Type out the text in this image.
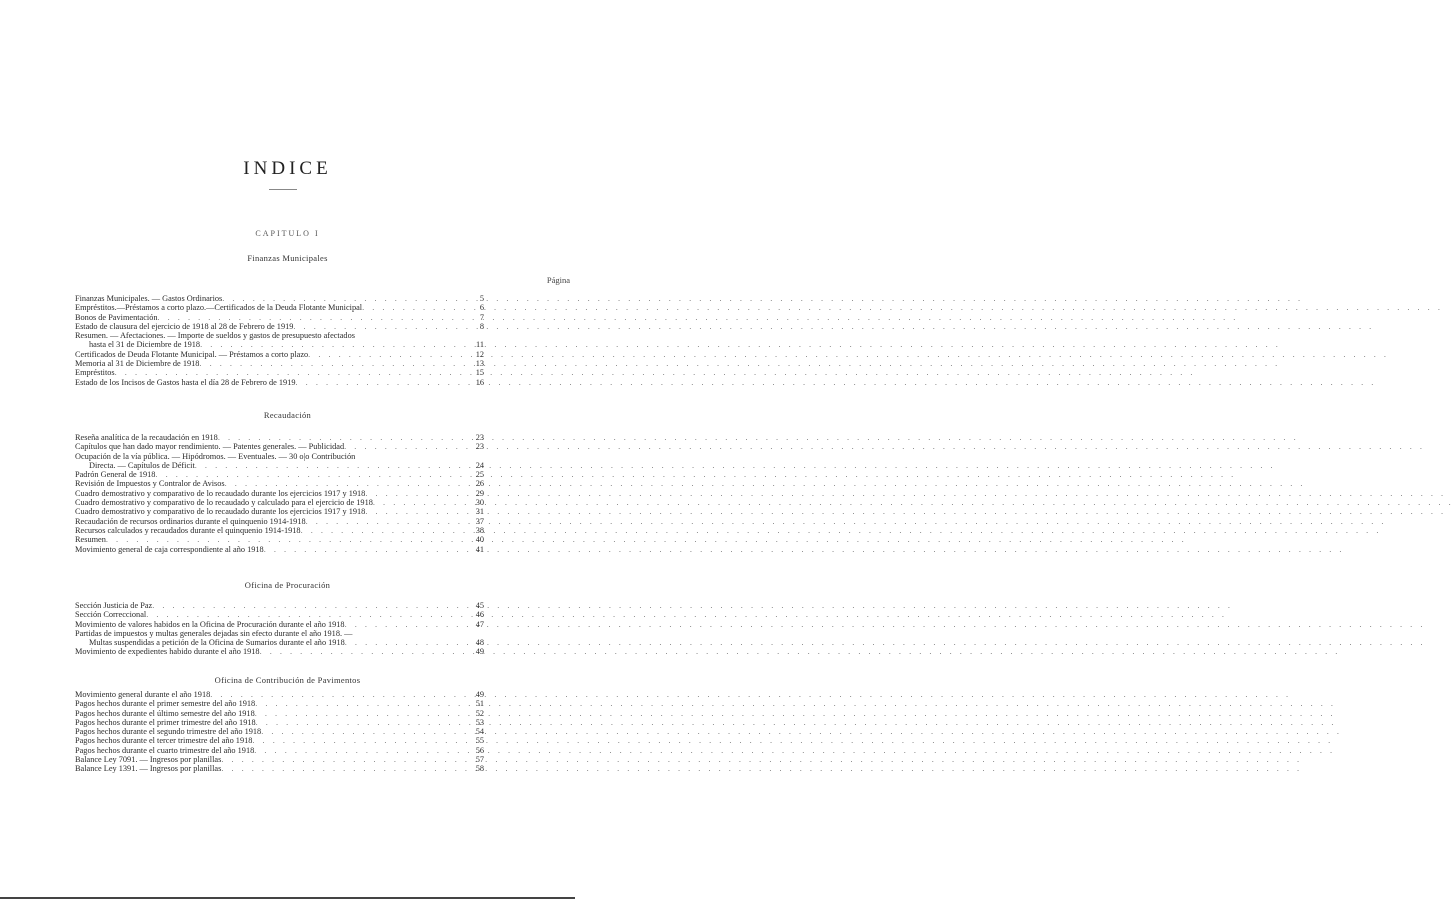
INDICE
CAPITULO I
Página
Finanzas Municipales
Finanzas Municipales. — Gastos Ordinarios . . .	5
Empréstitos.—Préstamos a corto plazo.—Certificados de la Deuda Flotante Municipal . . .	6
Bonos de Pavimentación . . .	7
Estado de clausura del ejercicio de 1918 al 28 de Febrero de 1919 . . .	8
Resumen. — Afectaciones. — Importe de sueldos y gastos de presupuesto afectados
hasta el 31 de Diciembre de 1918 . . .	11
Certificados de Deuda Flotante Municipal. — Préstamos a corto plazo . . .	12
Memoria al 31 de Diciembre de 1918 . . .	13
Empréstitos . . .	15
Estado de los Incisos de Gastos hasta el día 28 de Febrero de 1919 . . .	16
Recaudación
Reseña analítica de la recaudación en 1918 . . .	23
Capítulos que han dado mayor rendimiento. — Patentes generales. — Publicidad . . .	23
Ocupación de la vía pública. — Hipódromos. — Eventuales. — 30 o|o Contribución
Directa. — Capítulos de Déficit . . .	24
Padrón General de 1918 . . .	25
Revisión de Impuestos y Contralor de Avisos . . .	26
Cuadro demostrativo y comparativo de lo recaudado durante los ejercicios 1917 y 1918 . . .	29
Cuadro demostrativo y comparativo de lo recaudado y calculado para el ejercicio de 1918 . . .	30
Cuadro demostrativo y comparativo de lo recaudado durante los ejercicios 1917 y 1918 . . .	31
Recaudación de recursos ordinarios durante el quinquenio 1914-1918 . . .	37
Recursos calculados y recaudados durante el quinquenio 1914-1918 . . .	38
Resumen . . .	40
Movimiento general de caja correspondiente al año 1918 . . .	41
Oficina de Procuración
Sección Justicia de Paz . . .	45
Sección Correccional . . .	46
Movimiento de valores habidos en la Oficina de Procuración durante el año 1918 . . .	47
Partidas de impuestos y multas generales dejadas sin efecto durante el año 1918. —
Multas suspendidas a petición de la Oficina de Sumarios durante el año 1918 . . .	48
Movimiento de expedientes habido durante el año 1918 . . .	49
Oficina de Contribución de Pavimentos
Movimiento general durante el año 1918 . . .	49
Pagos hechos durante el primer semestre del año 1918 . . .	51
Pagos hechos durante el último semestre del año 1918 . . .	52
Pagos hechos durante el primer trimestre del año 1918 . . .	53
Pagos hechos durante el segundo trimestre del año 1918 . . .	54
Pagos hechos durante el tercer trimestre del año 1918 . . .	55
Pagos hechos durante el cuarto trimestre del año 1918 . . .	56
Balance Ley 7091. — Ingresos por planillas . . .	57
Balance Ley 1391. — Ingresos por planillas . . .	58
